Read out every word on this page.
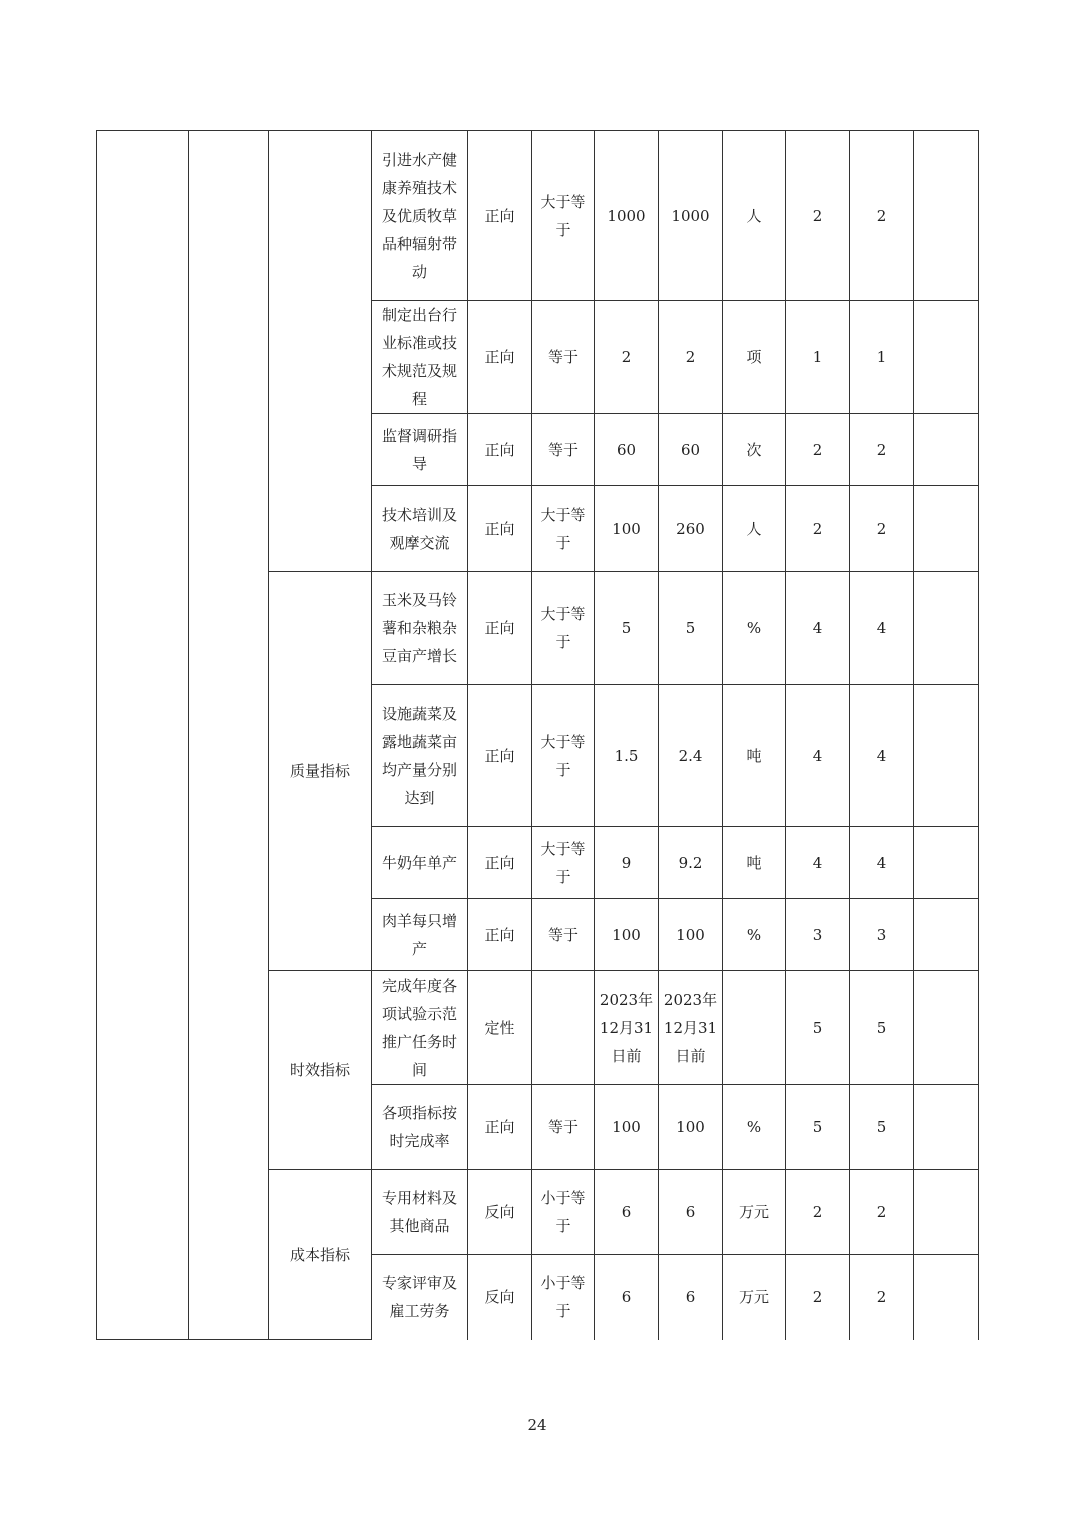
			引进水产健康养殖技术及优质牧草品种辐射带动	正向	大于等于	1000	1000	人	2	2	
			制定出台行业标准或技术规范及规程	正向	等于	2	2	项	1	1	
			监督调研指导	正向	等于	60	60	次	2	2	
			技术培训及观摩交流	正向	大于等于	100	260	人	2	2	
		质量指标	玉米及马铃薯和杂粮杂豆亩产增长	正向	大于等于	5	5	%	4	4	
			设施蔬菜及露地蔬菜亩均产量分别达到	正向	大于等于	1.5	2.4	吨	4	4	
			牛奶年单产	正向	大于等于	9	9.2	吨	4	4	
			肉羊每只增产	正向	等于	100	100	%	3	3	
		时效指标	完成年度各项试验示范推广任务时间	定性		2023年12月31日前	2023年12月31日前		5	5	
			各项指标按时完成率	正向	等于	100	100	%	5	5	
		成本指标	专用材料及其他商品	反向	小于等于	6	6	万元	2	2	
			专家评审及雇工劳务	反向	小于等于	6	6	万元	2	2	
24
